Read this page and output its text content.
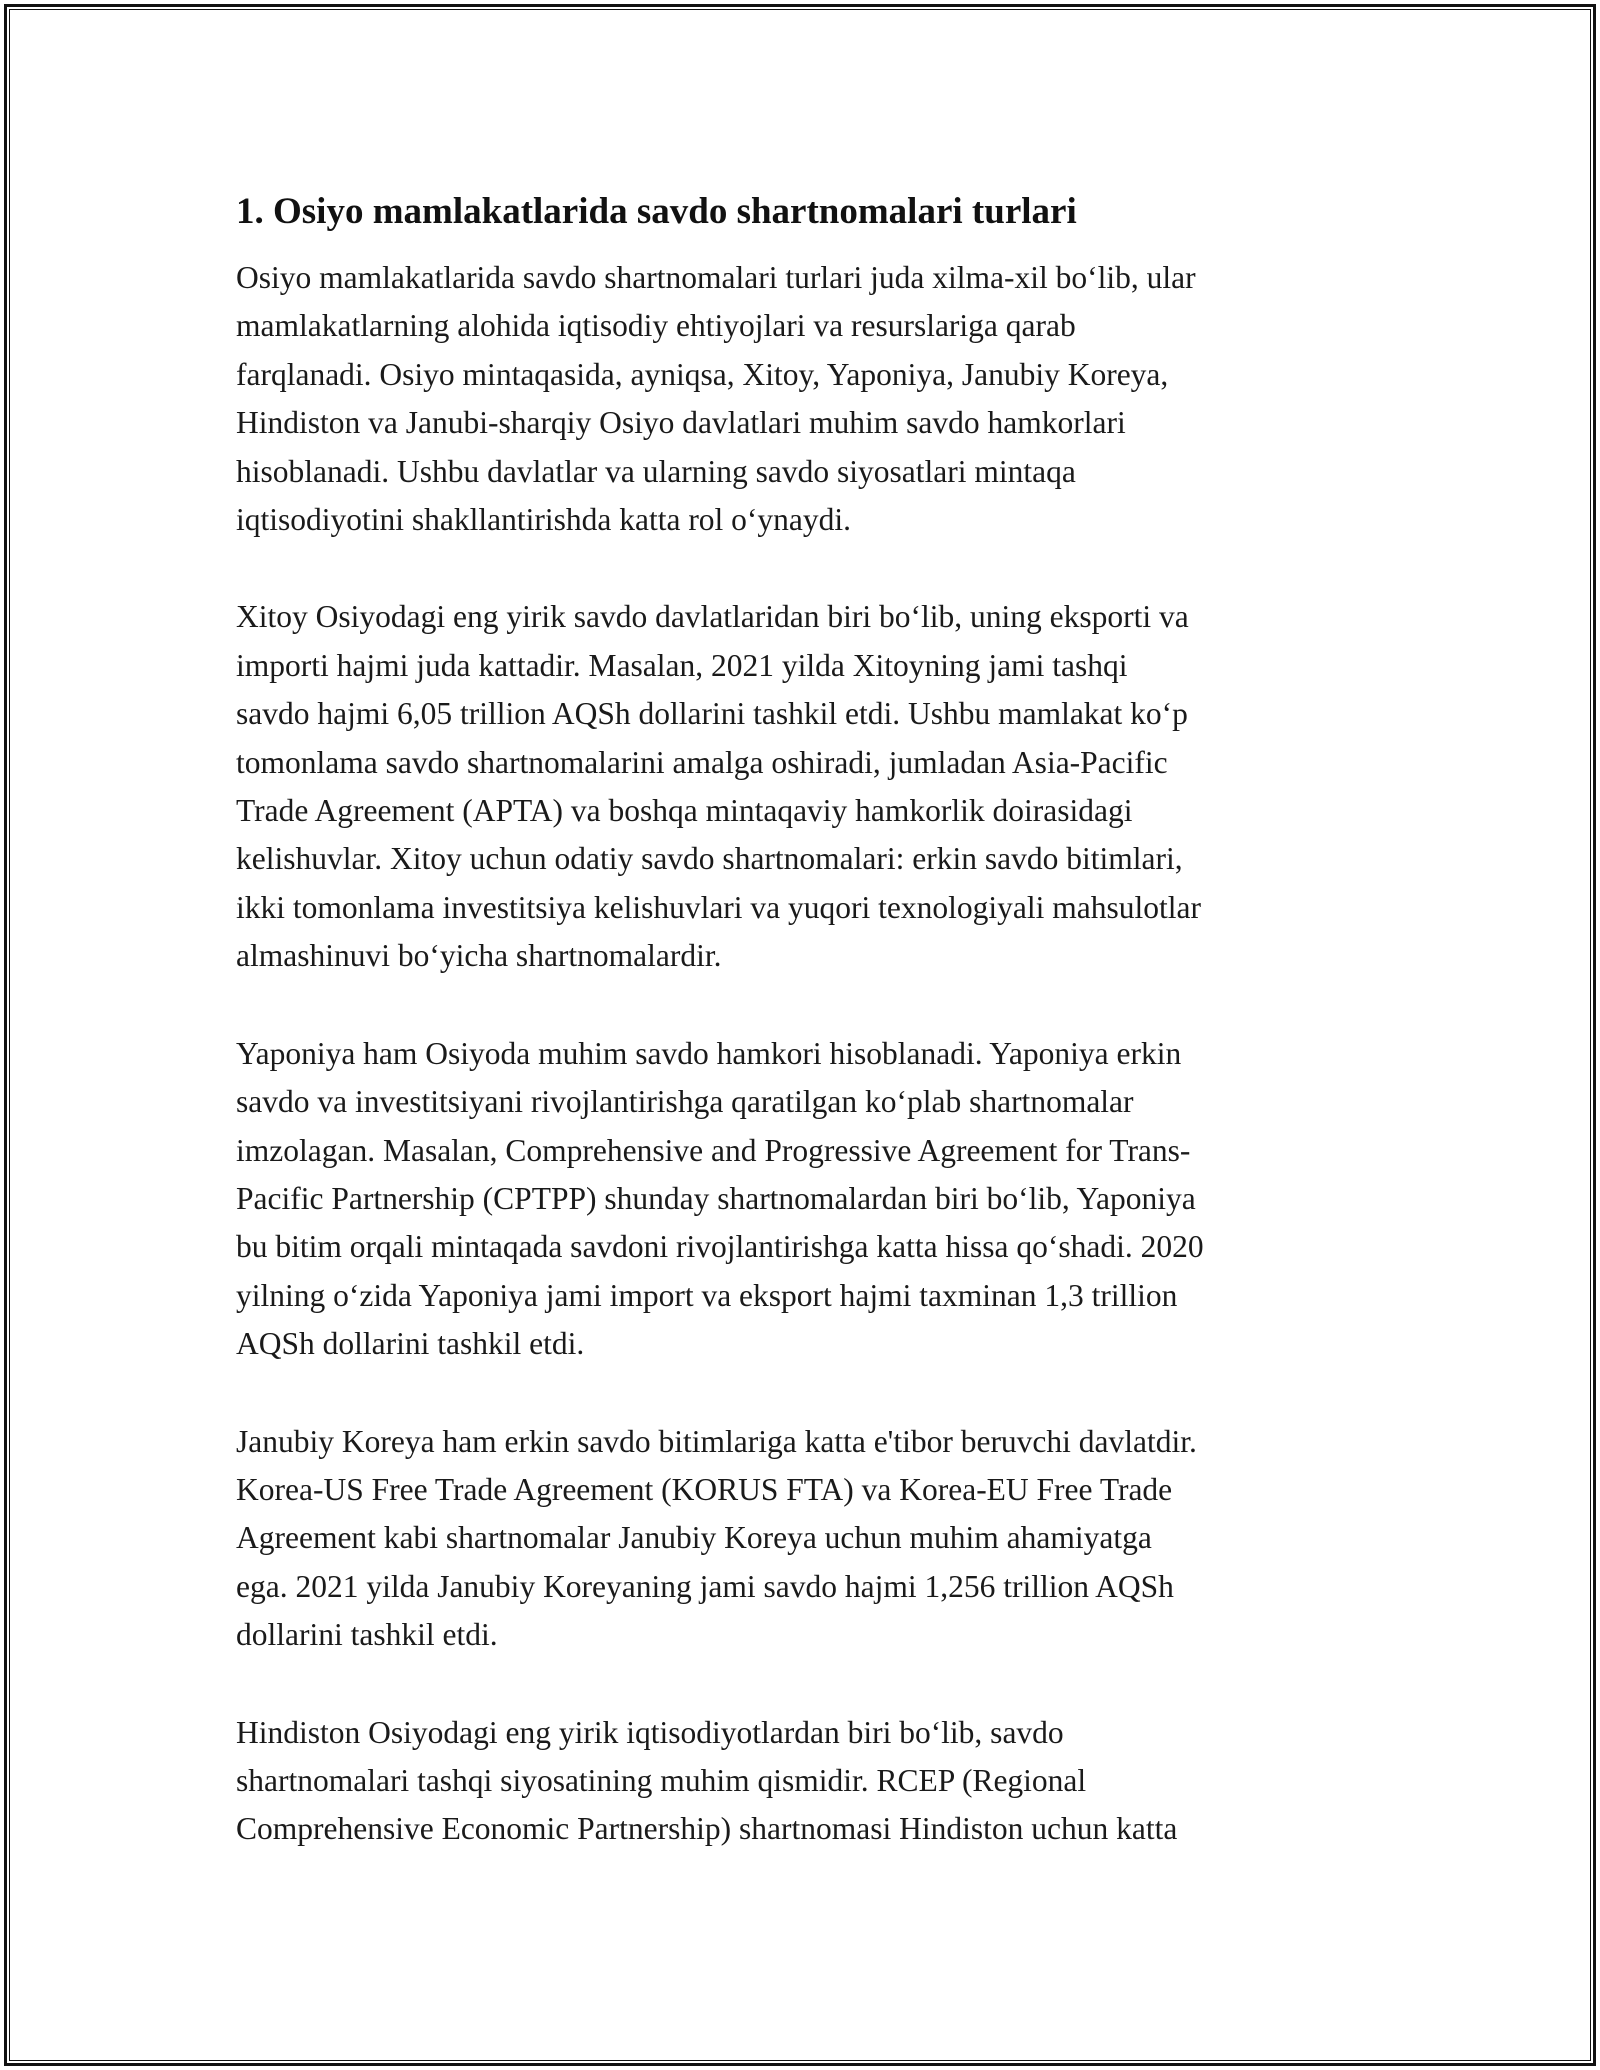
1. Osiyo mamlakatlarida savdo shartnomalari turlari

Osiyo mamlakatlarida savdo shartnomalari turlari juda xilma-xil bo‘lib, ular
mamlakatlarning alohida iqtisodiy ehtiyojlari va resurslariga qarab
farqlanadi. Osiyo mintaqasida, ayniqsa, Xitoy, Yaponiya, Janubiy Koreya,
Hindiston va Janubi-sharqiy Osiyo davlatlari muhim savdo hamkorlari
hisoblanadi. Ushbu davlatlar va ularning savdo siyosatlari mintaqa
iqtisodiyotini shakllantirishda katta rol o‘ynaydi.

Xitoy Osiyodagi eng yirik savdo davlatlaridan biri bo‘lib, uning eksporti va
importi hajmi juda kattadir. Masalan, 2021 yilda Xitoyning jami tashqi
savdo hajmi 6,05 trillion AQSh dollarini tashkil etdi. Ushbu mamlakat ko‘p
tomonlama savdo shartnomalarini amalga oshiradi, jumladan Asia-Pacific
Trade Agreement (APTA) va boshqa mintaqaviy hamkorlik doirasidagi
kelishuvlar. Xitoy uchun odatiy savdo shartnomalari: erkin savdo bitimlari,
ikki tomonlama investitsiya kelishuvlari va yuqori texnologiyali mahsulotlar
almashinuvi bo‘yicha shartnomalardir.

Yaponiya ham Osiyoda muhim savdo hamkori hisoblanadi. Yaponiya erkin
savdo va investitsiyani rivojlantirishga qaratilgan ko‘plab shartnomalar
imzolagan. Masalan, Comprehensive and Progressive Agreement for Trans-
Pacific Partnership (CPTPP) shunday shartnomalardan biri bo‘lib, Yaponiya
bu bitim orqali mintaqada savdoni rivojlantirishga katta hissa qo‘shadi. 2020
yilning o‘zida Yaponiya jami import va eksport hajmi taxminan 1,3 trillion
AQSh dollarini tashkil etdi.

Janubiy Koreya ham erkin savdo bitimlariga katta e'tibor beruvchi davlatdir.
Korea-US Free Trade Agreement (KORUS FTA) va Korea-EU Free Trade
Agreement kabi shartnomalar Janubiy Koreya uchun muhim ahamiyatga
ega. 2021 yilda Janubiy Koreyaning jami savdo hajmi 1,256 trillion AQSh
dollarini tashkil etdi.

Hindiston Osiyodagi eng yirik iqtisodiyotlardan biri bo‘lib, savdo
shartnomalari tashqi siyosatining muhim qismidir. RCEP (Regional
Comprehensive Economic Partnership) shartnomasi Hindiston uchun katta
